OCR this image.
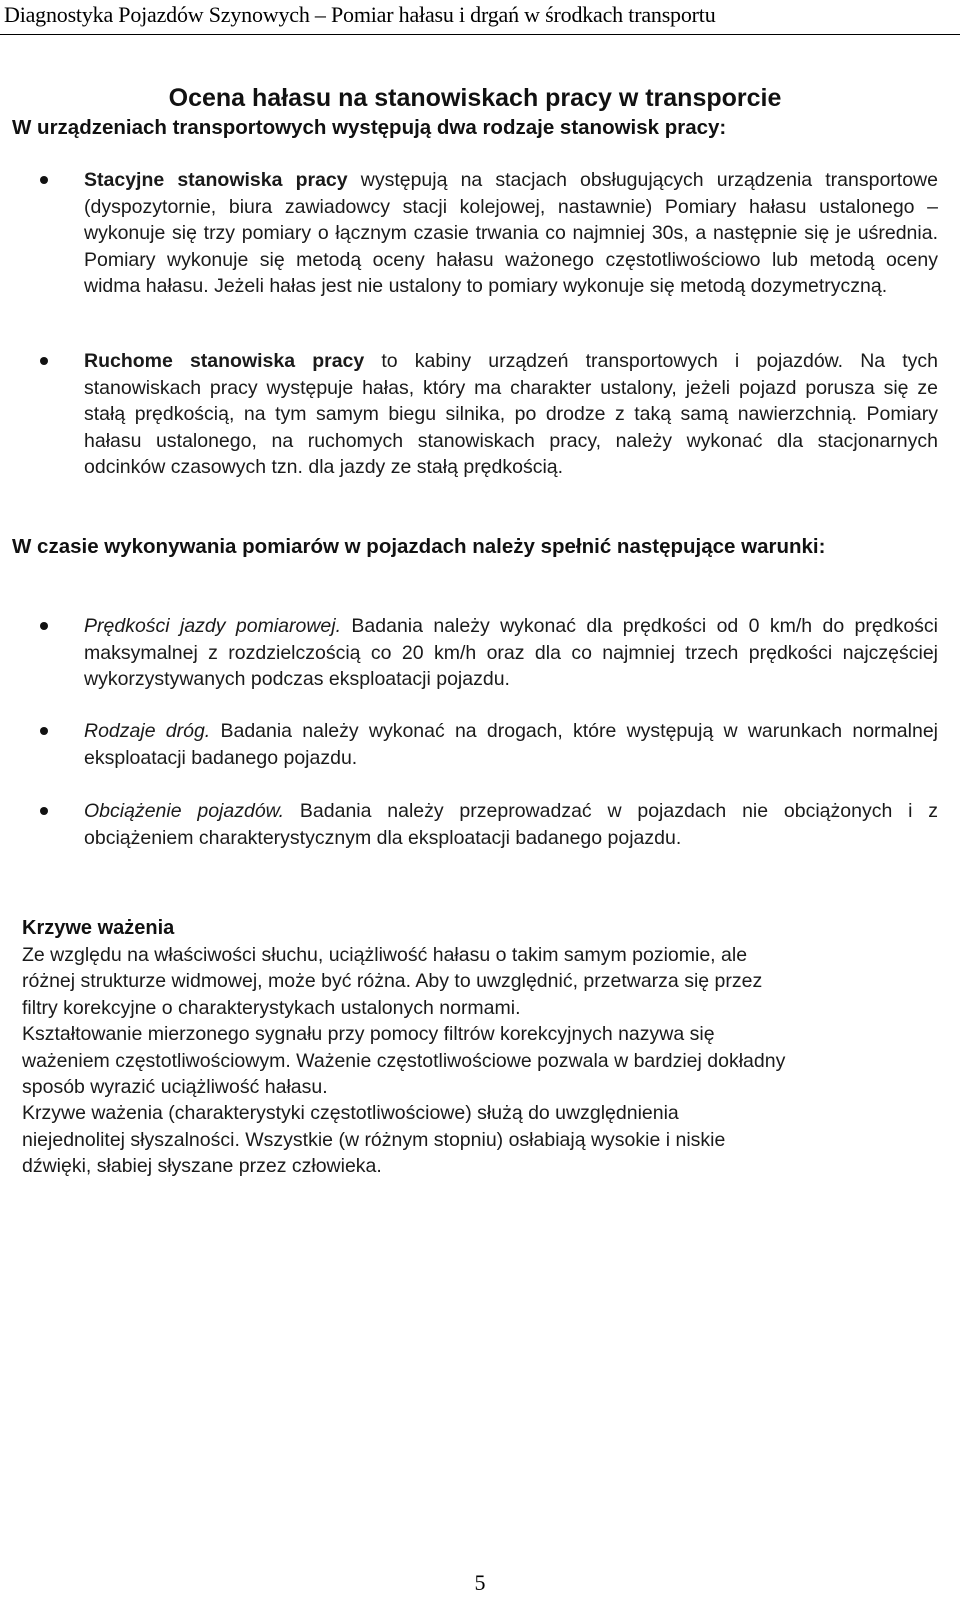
Diagnostyka Pojazdów Szynowych – Pomiar hałasu i drgań w środkach transportu
Ocena hałasu na stanowiskach pracy w transporcie
W urządzeniach transportowych występują dwa rodzaje stanowisk pracy:
Stacyjne stanowiska pracy występują na stacjach obsługujących urządzenia transportowe (dyspozytornie, biura zawiadowcy stacji kolejowej, nastawnie) Pomiary hałasu ustalonego – wykonuje się trzy pomiary o łącznym czasie trwania co najmniej 30s, a następnie się je uśrednia. Pomiary wykonuje się metodą oceny hałasu ważonego częstotliwościowo lub metodą oceny widma hałasu. Jeżeli hałas jest nie ustalony to pomiary wykonuje się metodą dozymetryczną.
Ruchome stanowiska pracy to kabiny urządzeń transportowych i pojazdów. Na tych stanowiskach pracy występuje hałas, który ma charakter ustalony, jeżeli pojazd porusza się ze stałą prędkością, na tym samym biegu silnika, po drodze z taką samą nawierzchnią. Pomiary hałasu ustalonego, na ruchomych stanowiskach pracy, należy wykonać dla stacjonarnych odcinków czasowych tzn. dla jazdy ze stałą prędkością.
W czasie wykonywania pomiarów w pojazdach należy spełnić następujące warunki:
Prędkości jazdy pomiarowej. Badania należy wykonać dla prędkości od 0 km/h do prędkości maksymalnej z rozdzielczością co 20 km/h oraz dla co najmniej trzech prędkości najczęściej wykorzystywanych podczas eksploatacji pojazdu.
Rodzaje dróg. Badania należy wykonać na drogach, które występują w warunkach normalnej eksploatacji badanego pojazdu.
Obciążenie pojazdów. Badania należy przeprowadzać w pojazdach nie obciążonych i z obciążeniem charakterystycznym dla eksploatacji badanego pojazdu.
Krzywe ważenia
Ze względu na właściwości słuchu, uciążliwość hałasu o takim samym poziomie, ale
różnej strukturze widmowej, może być różna. Aby to uwzględnić, przetwarza się przez
filtry korekcyjne o charakterystykach ustalonych normami.
Kształtowanie mierzonego sygnału przy pomocy filtrów korekcyjnych nazywa się
ważeniem częstotliwościowym. Ważenie częstotliwościowe pozwala w bardziej dokładny
sposób wyrazić uciążliwość hałasu.
Krzywe ważenia (charakterystyki częstotliwościowe) służą do uwzględnienia
niejednolitej słyszalności. Wszystkie (w różnym stopniu) osłabiają wysokie i niskie
dźwięki, słabiej słyszane przez człowieka.
5
